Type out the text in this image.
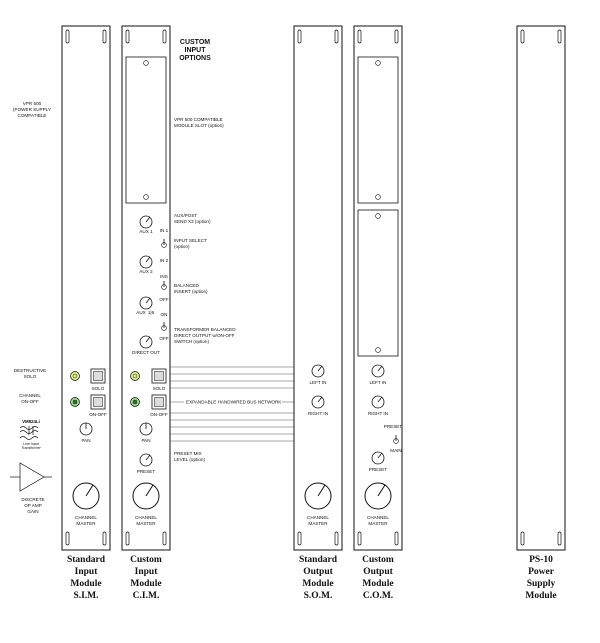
VPR 500
(POWER SUPPLY
COMPATIBLE
DESTRUCTIVE
SOLO
CHANNEL
ON-OFF
VM824Li
Line Input
Transformer
DISCRETE
OP AMP
GAIN
SOLO
ON-OFF
PAN
CHANNEL
MASTER
Standard
Input
Module
S.I.M.
AUX 1 IN 1
IN 2
AUX 2
INS
OFF
AUX 1|6 ON
OFF
DIRECT OUT
SOLO
ON-OFF
PAN
PRESET
CHANNEL
MASTER
Custom
Input
Module
C.I.M.
CUSTOM
INPUT
OPTIONS
VPR 500 COMPATIBLE
MODULE SLOT (option)
AUX/POST
SEND X3 (option)
INPUT SELECT
(option)
BALANCED
INSERT (option)
TRANSFORMER BALANCED
DIRECT OUTPUT w/ON-OFF
SWITCH (option)
PRESET MIX
LEVEL (option)
EXPANDABLE HANDWIRED BUS NETWORK
LEFT IN
RIGHT IN
CHANNEL
MASTER
Standard
Output
Module
S.O.M.
LEFT IN
RIGHT IN
PRESET
MAIN
PRESET
CHANNEL
MASTER
Custom
Output
Module
C.O.M.
PS-10
Power
Supply
Module
